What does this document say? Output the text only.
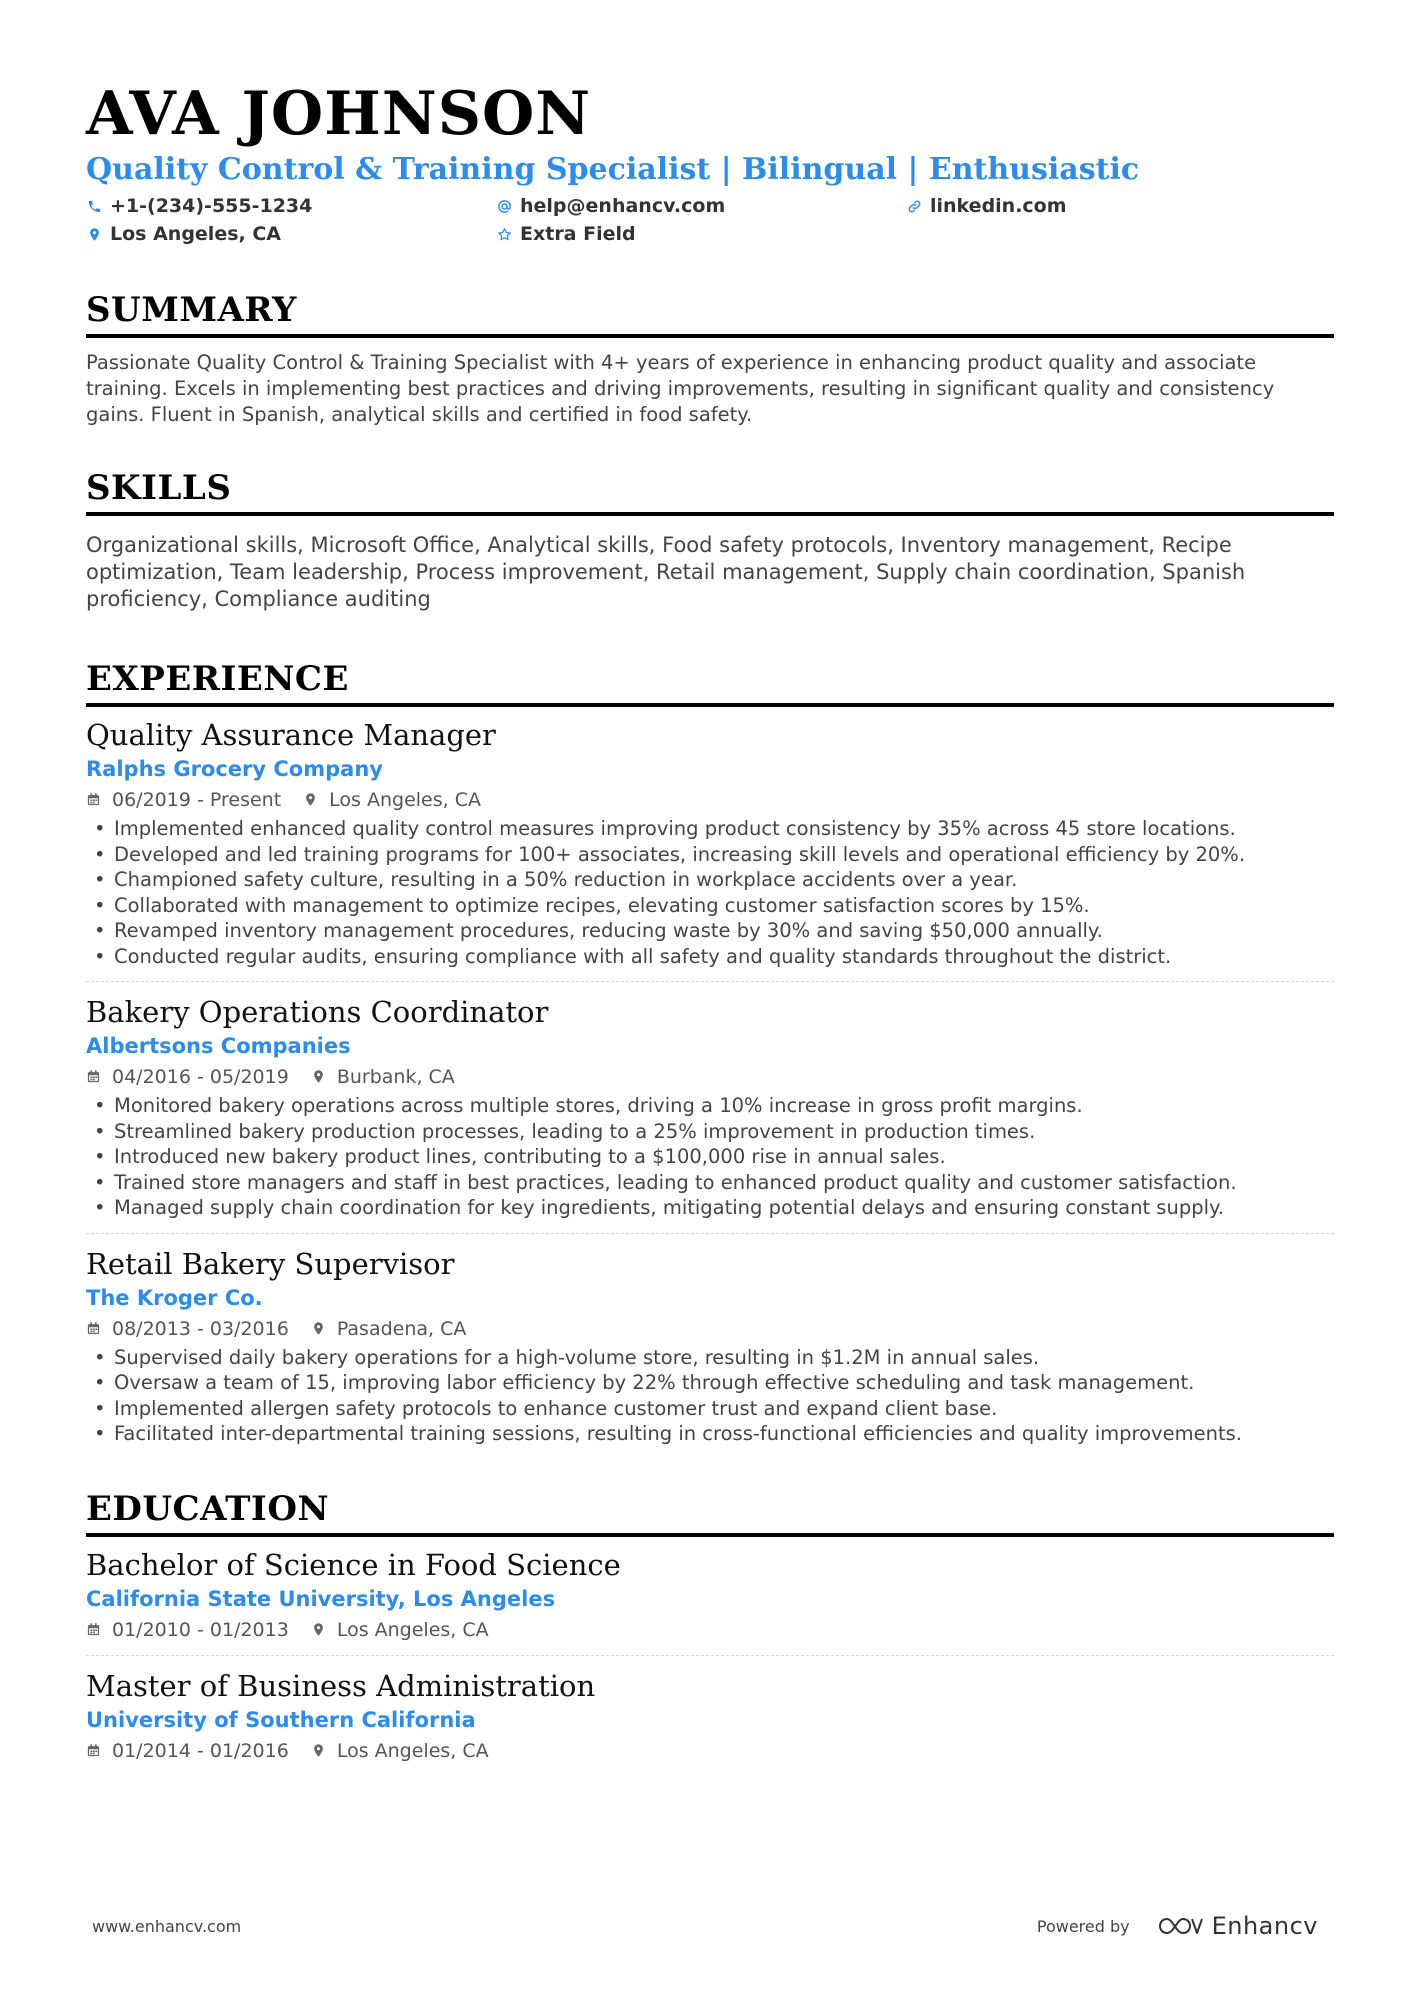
AVA JOHNSON
Quality Control & Training Specialist | Bilingual | Enthusiastic
+1-(234)-555-1234	help@enhancv.com	linkedin.com
Los Angeles, CA	Extra Field
SUMMARY

Passionate Quality Control & Training Specialist with 4+ years of experience in enhancing product quality and associate training. Excels in implementing best practices and driving improvements, resulting in significant quality and consistency gains. Fluent in Spanish, analytical skills and certified in food safety.

SKILLS

Organizational skills, Microsoft Office, Analytical skills, Food safety protocols, Inventory management, Recipe optimization, Team leadership, Process improvement, Retail management, Supply chain coordination, Spanish proficiency, Compliance auditing

EXPERIENCE
Quality Assurance Manager
Ralphs Grocery Company
06/2019 - Present	Los Angeles, CA
• Implemented enhanced quality control measures improving product consistency by 35% across 45 store locations.
• Developed and led training programs for 100+ associates, increasing skill levels and operational efficiency by 20%.
• Championed safety culture, resulting in a 50% reduction in workplace accidents over a year.
• Collaborated with management to optimize recipes, elevating customer satisfaction scores by 15%.
• Revamped inventory management procedures, reducing waste by 30% and saving $50,000 annually.
• Conducted regular audits, ensuring compliance with all safety and quality standards throughout the district.
Bakery Operations Coordinator
Albertsons Companies
04/2016 - 05/2019	Burbank, CA
• Monitored bakery operations across multiple stores, driving a 10% increase in gross profit margins.
• Streamlined bakery production processes, leading to a 25% improvement in production times.
• Introduced new bakery product lines, contributing to a $100,000 rise in annual sales.
• Trained store managers and staff in best practices, leading to enhanced product quality and customer satisfaction.
• Managed supply chain coordination for key ingredients, mitigating potential delays and ensuring constant supply.
Retail Bakery Supervisor
The Kroger Co.
08/2013 - 03/2016	Pasadena, CA
• Supervised daily bakery operations for a high-volume store, resulting in $1.2M in annual sales.
• Oversaw a team of 15, improving labor efficiency by 22% through effective scheduling and task management.
• Implemented allergen safety protocols to enhance customer trust and expand client base.
• Facilitated inter-departmental training sessions, resulting in cross-functional efficiencies and quality improvements.
EDUCATION
Bachelor of Science in Food Science
California State University, Los Angeles
01/2010 - 01/2013	Los Angeles, CA
Master of Business Administration
University of Southern California
01/2014 - 01/2016	Los Angeles, CA
www.enhancv.com	Powered by	Enhancv
